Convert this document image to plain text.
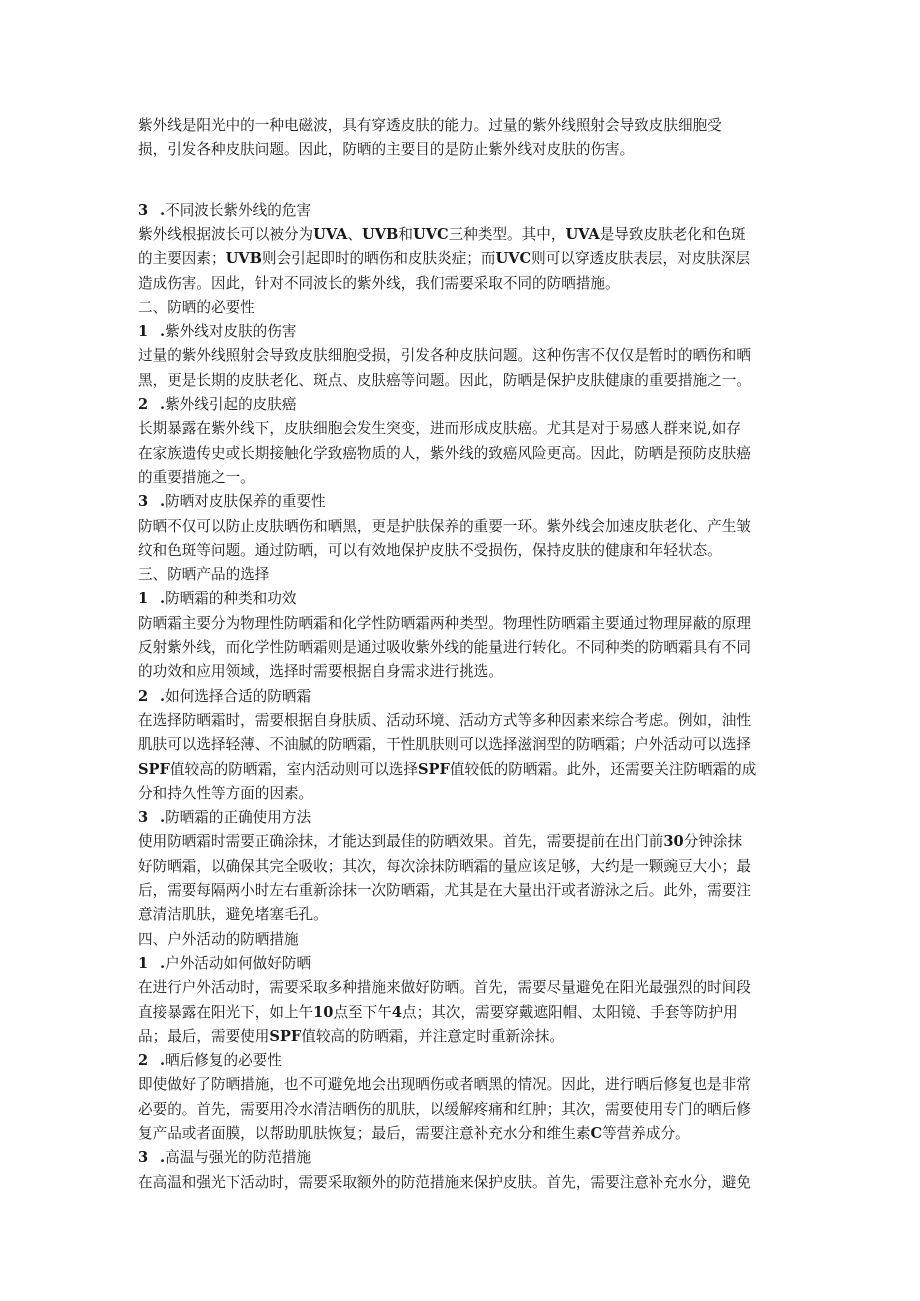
紫外线是阳光中的一种电磁波，具有穿透皮肤的能力。过量的紫外线照射会导致皮肤细胞受
损，引发各种皮肤问题。因此，防晒的主要目的是防止紫外线对皮肤的伤害。
3 .不同波长紫外线的危害
紫外线根据波长可以被分为UVA、UVB和UVC三种类型。其中，UVA是导致皮肤老化和色斑
的主要因素；UVB则会引起即时的晒伤和皮肤炎症；而UVC则可以穿透皮肤表层，对皮肤深层
造成伤害。因此，针对不同波长的紫外线，我们需要采取不同的防晒措施。
二、防晒的必要性
1 .紫外线对皮肤的伤害
过量的紫外线照射会导致皮肤细胞受损，引发各种皮肤问题。这种伤害不仅仅是暂时的晒伤和晒
黑，更是长期的皮肤老化、斑点、皮肤癌等问题。因此，防晒是保护皮肤健康的重要措施之一。
2 .紫外线引起的皮肤癌
长期暴露在紫外线下，皮肤细胞会发生突变，进而形成皮肤癌。尤其是对于易感人群来说,如存
在家族遗传史或长期接触化学致癌物质的人，紫外线的致癌风险更高。因此，防晒是预防皮肤癌
的重要措施之一。
3 .防晒对皮肤保养的重要性
防晒不仅可以防止皮肤晒伤和晒黑，更是护肤保养的重要一环。紫外线会加速皮肤老化、产生皱
纹和色斑等问题。通过防晒，可以有效地保护皮肤不受损伤，保持皮肤的健康和年轻状态。
三、防晒产品的选择
1 .防晒霜的种类和功效
防晒霜主要分为物理性防晒霜和化学性防晒霜两种类型。物理性防晒霜主要通过物理屏蔽的原理
反射紫外线，而化学性防晒霜则是通过吸收紫外线的能量进行转化。不同种类的防晒霜具有不同
的功效和应用领域，选择时需要根据自身需求进行挑选。
2 .如何选择合适的防晒霜
在选择防晒霜时，需要根据自身肤质、活动环境、活动方式等多种因素来综合考虑。例如，油性
肌肤可以选择轻薄、不油腻的防晒霜，干性肌肤则可以选择滋润型的防晒霜；户外活动可以选择
SPF值较高的防晒霜，室内活动则可以选择SPF值较低的防晒霜。此外，还需要关注防晒霜的成
分和持久性等方面的因素。
3 .防晒霜的正确使用方法
使用防晒霜时需要正确涂抹，才能达到最佳的防晒效果。首先，需要提前在出门前30分钟涂抹
好防晒霜，以确保其完全吸收；其次，每次涂抹防晒霜的量应该足够，大约是一颗豌豆大小；最
后，需要每隔两小时左右重新涂抹一次防晒霜，尤其是在大量出汗或者游泳之后。此外，需要注
意清洁肌肤，避免堵塞毛孔。
四、户外活动的防晒措施
1 .户外活动如何做好防晒
在进行户外活动时，需要采取多种措施来做好防晒。首先，需要尽量避免在阳光最强烈的时间段
直接暴露在阳光下，如上午10点至下午4点；其次，需要穿戴遮阳帽、太阳镜、手套等防护用
品；最后，需要使用SPF值较高的防晒霜，并注意定时重新涂抹。
2 .晒后修复的必要性
即使做好了防晒措施，也不可避免地会出现晒伤或者晒黑的情况。因此，进行晒后修复也是非常
必要的。首先，需要用冷水清洁晒伤的肌肤，以缓解疼痛和红肿；其次，需要使用专门的晒后修
复产品或者面膜，以帮助肌肤恢复；最后，需要注意补充水分和维生素C等营养成分。
3 .高温与强光的防范措施
在高温和强光下活动时，需要采取额外的防范措施来保护皮肤。首先，需要注意补充水分，避免
